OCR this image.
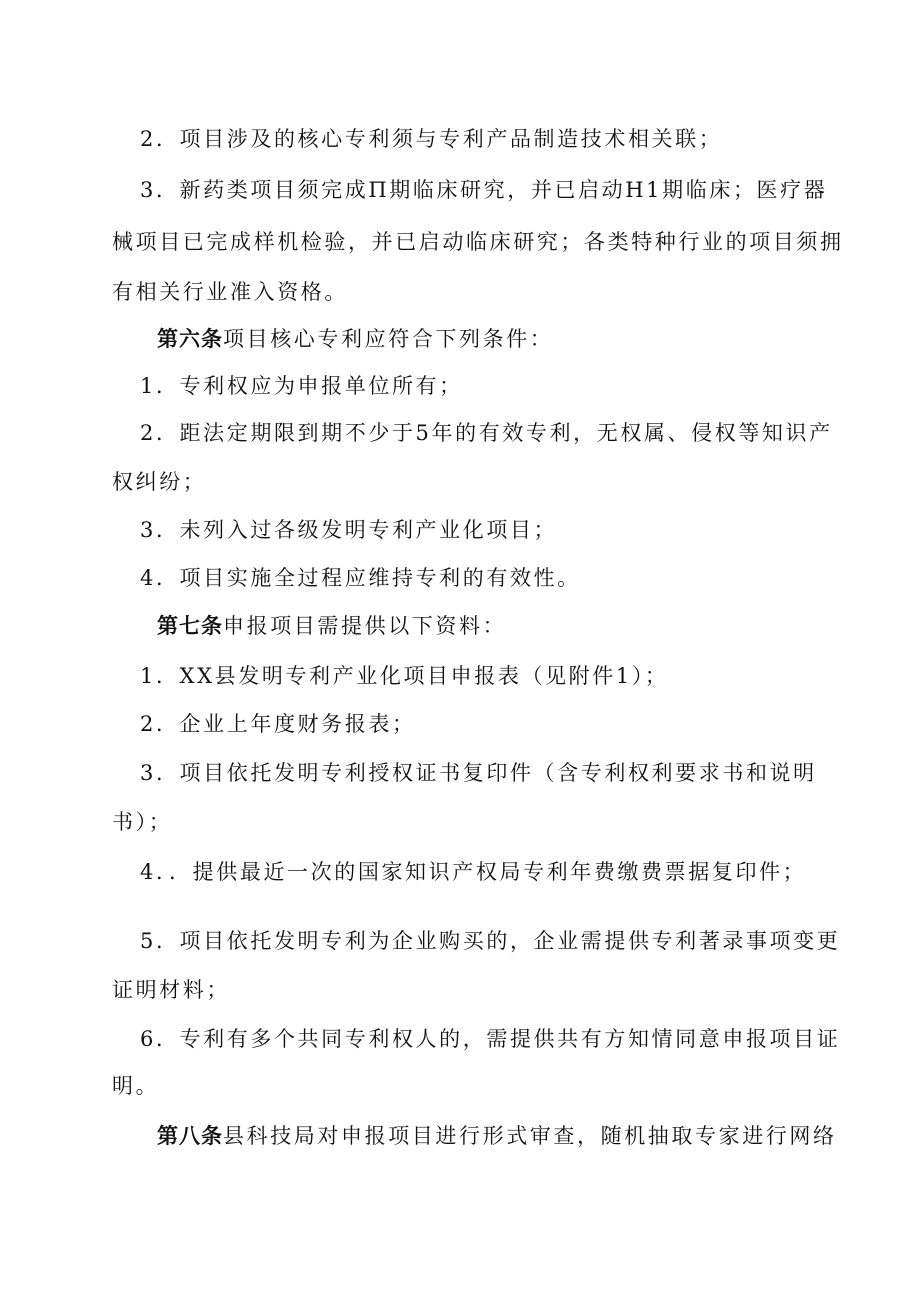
2．项目涉及的核心专利须与专利产品制造技术相关联；
3．新药类项目须完成Π期临床研究，并已启动H1期临床；医疗器
械项目已完成样机检验，并已启动临床研究；各类特种行业的项目须拥
有相关行业准入资格。
第六条项目核心专利应符合下列条件：
1．专利权应为申报单位所有；
2．距法定期限到期不少于5年的有效专利，无权属、侵权等知识产
权纠纷；
3．未列入过各级发明专利产业化项目；
4．项目实施全过程应维持专利的有效性。
第七条申报项目需提供以下资料：
1．XX县发明专利产业化项目申报表（见附件1）；
2．企业上年度财务报表；
3．项目依托发明专利授权证书复印件（含专利权利要求书和说明
书）；
4．．提供最近一次的国家知识产权局专利年费缴费票据复印件；
5．项目依托发明专利为企业购买的，企业需提供专利著录事项变更
证明材料；
6．专利有多个共同专利权人的，需提供共有方知情同意申报项目证
明。
第八条县科技局对申报项目进行形式审查，随机抽取专家进行网络
